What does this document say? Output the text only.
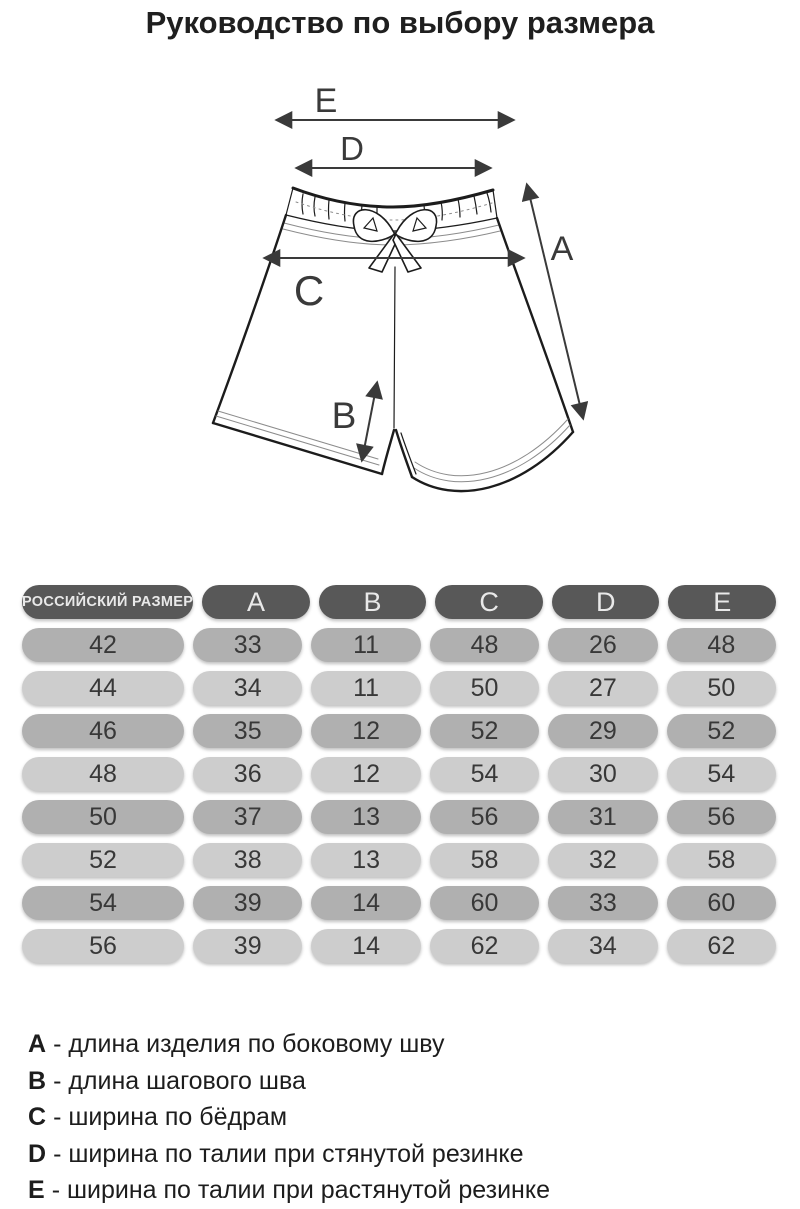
Руководство по выбору размера
E
D
A
C
B
РОССИЙСКИЙ РАЗМЕР	A	B	C	D	E
42	33	11	48	26	48
44	34	11	50	27	50
46	35	12	52	29	52
48	36	12	54	30	54
50	37	13	56	31	56
52	38	13	58	32	58
54	39	14	60	33	60
56	39	14	62	34	62
A - длина изделия по боковому шву
B - длина шагового шва
C - ширина по бёдрам
D - ширина по талии при стянутой резинке
E - ширина по талии при растянутой резинке
